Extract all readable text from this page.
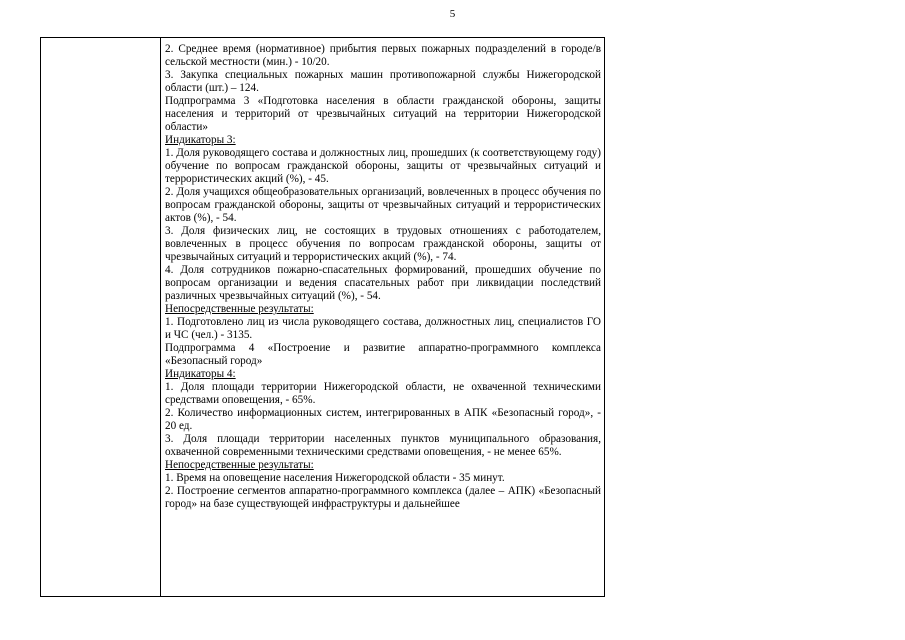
5

2. Среднее время (нормативное) прибытия первых пожарных подразделений в городе/в сельской местности (мин.) - 10/20.

3. Закупка специальных пожарных машин противопожарной службы Нижегородской области (шт.) – 124.

Подпрограмма 3 «Подготовка населения в области гражданской обороны, защиты населения и территорий от чрезвычайных ситуаций на территории Нижегородской области»

Индикаторы 3:

1. Доля руководящего состава и должностных лиц, прошедших (к соответствующему году) обучение по вопросам гражданской обороны, защиты от чрезвычайных ситуаций и террористических акций (%), - 45.

2. Доля учащихся общеобразовательных организаций, вовлеченных в процесс обучения по вопросам гражданской обороны, защиты от чрезвычайных ситуаций и террористических актов (%), - 54.

3. Доля физических лиц, не состоящих в трудовых отношениях с работодателем, вовлеченных в процесс обучения по вопросам гражданской обороны, защиты от чрезвычайных ситуаций и террористических акций (%), - 74.

4. Доля сотрудников пожарно-спасательных формирований, прошедших обучение по вопросам организации и ведения спасательных работ при ликвидации последствий различных чрезвычайных ситуаций (%), - 54.

Непосредственные результаты:

1. Подготовлено лиц из числа руководящего состава, должностных лиц, специалистов ГО и ЧС (чел.) - 3135.

Подпрограмма 4 «Построение и развитие аппаратно-программного комплекса «Безопасный город»

Индикаторы 4:

1. Доля площади территории Нижегородской области, не охваченной техническими средствами оповещения, - 65%.

2. Количество информационных систем, интегрированных в АПК «Безопасный город», - 20 ед.

3. Доля площади территории населенных пунктов муниципального образования, охваченной современными техническими средствами оповещения, - не менее 65%.

Непосредственные результаты:

1. Время на оповещение населения Нижегородской области - 35 минут.

2. Построение сегментов аппаратно-программного комплекса (далее – АПК) «Безопасный город» на базе существующей инфраструктуры и дальнейшее
